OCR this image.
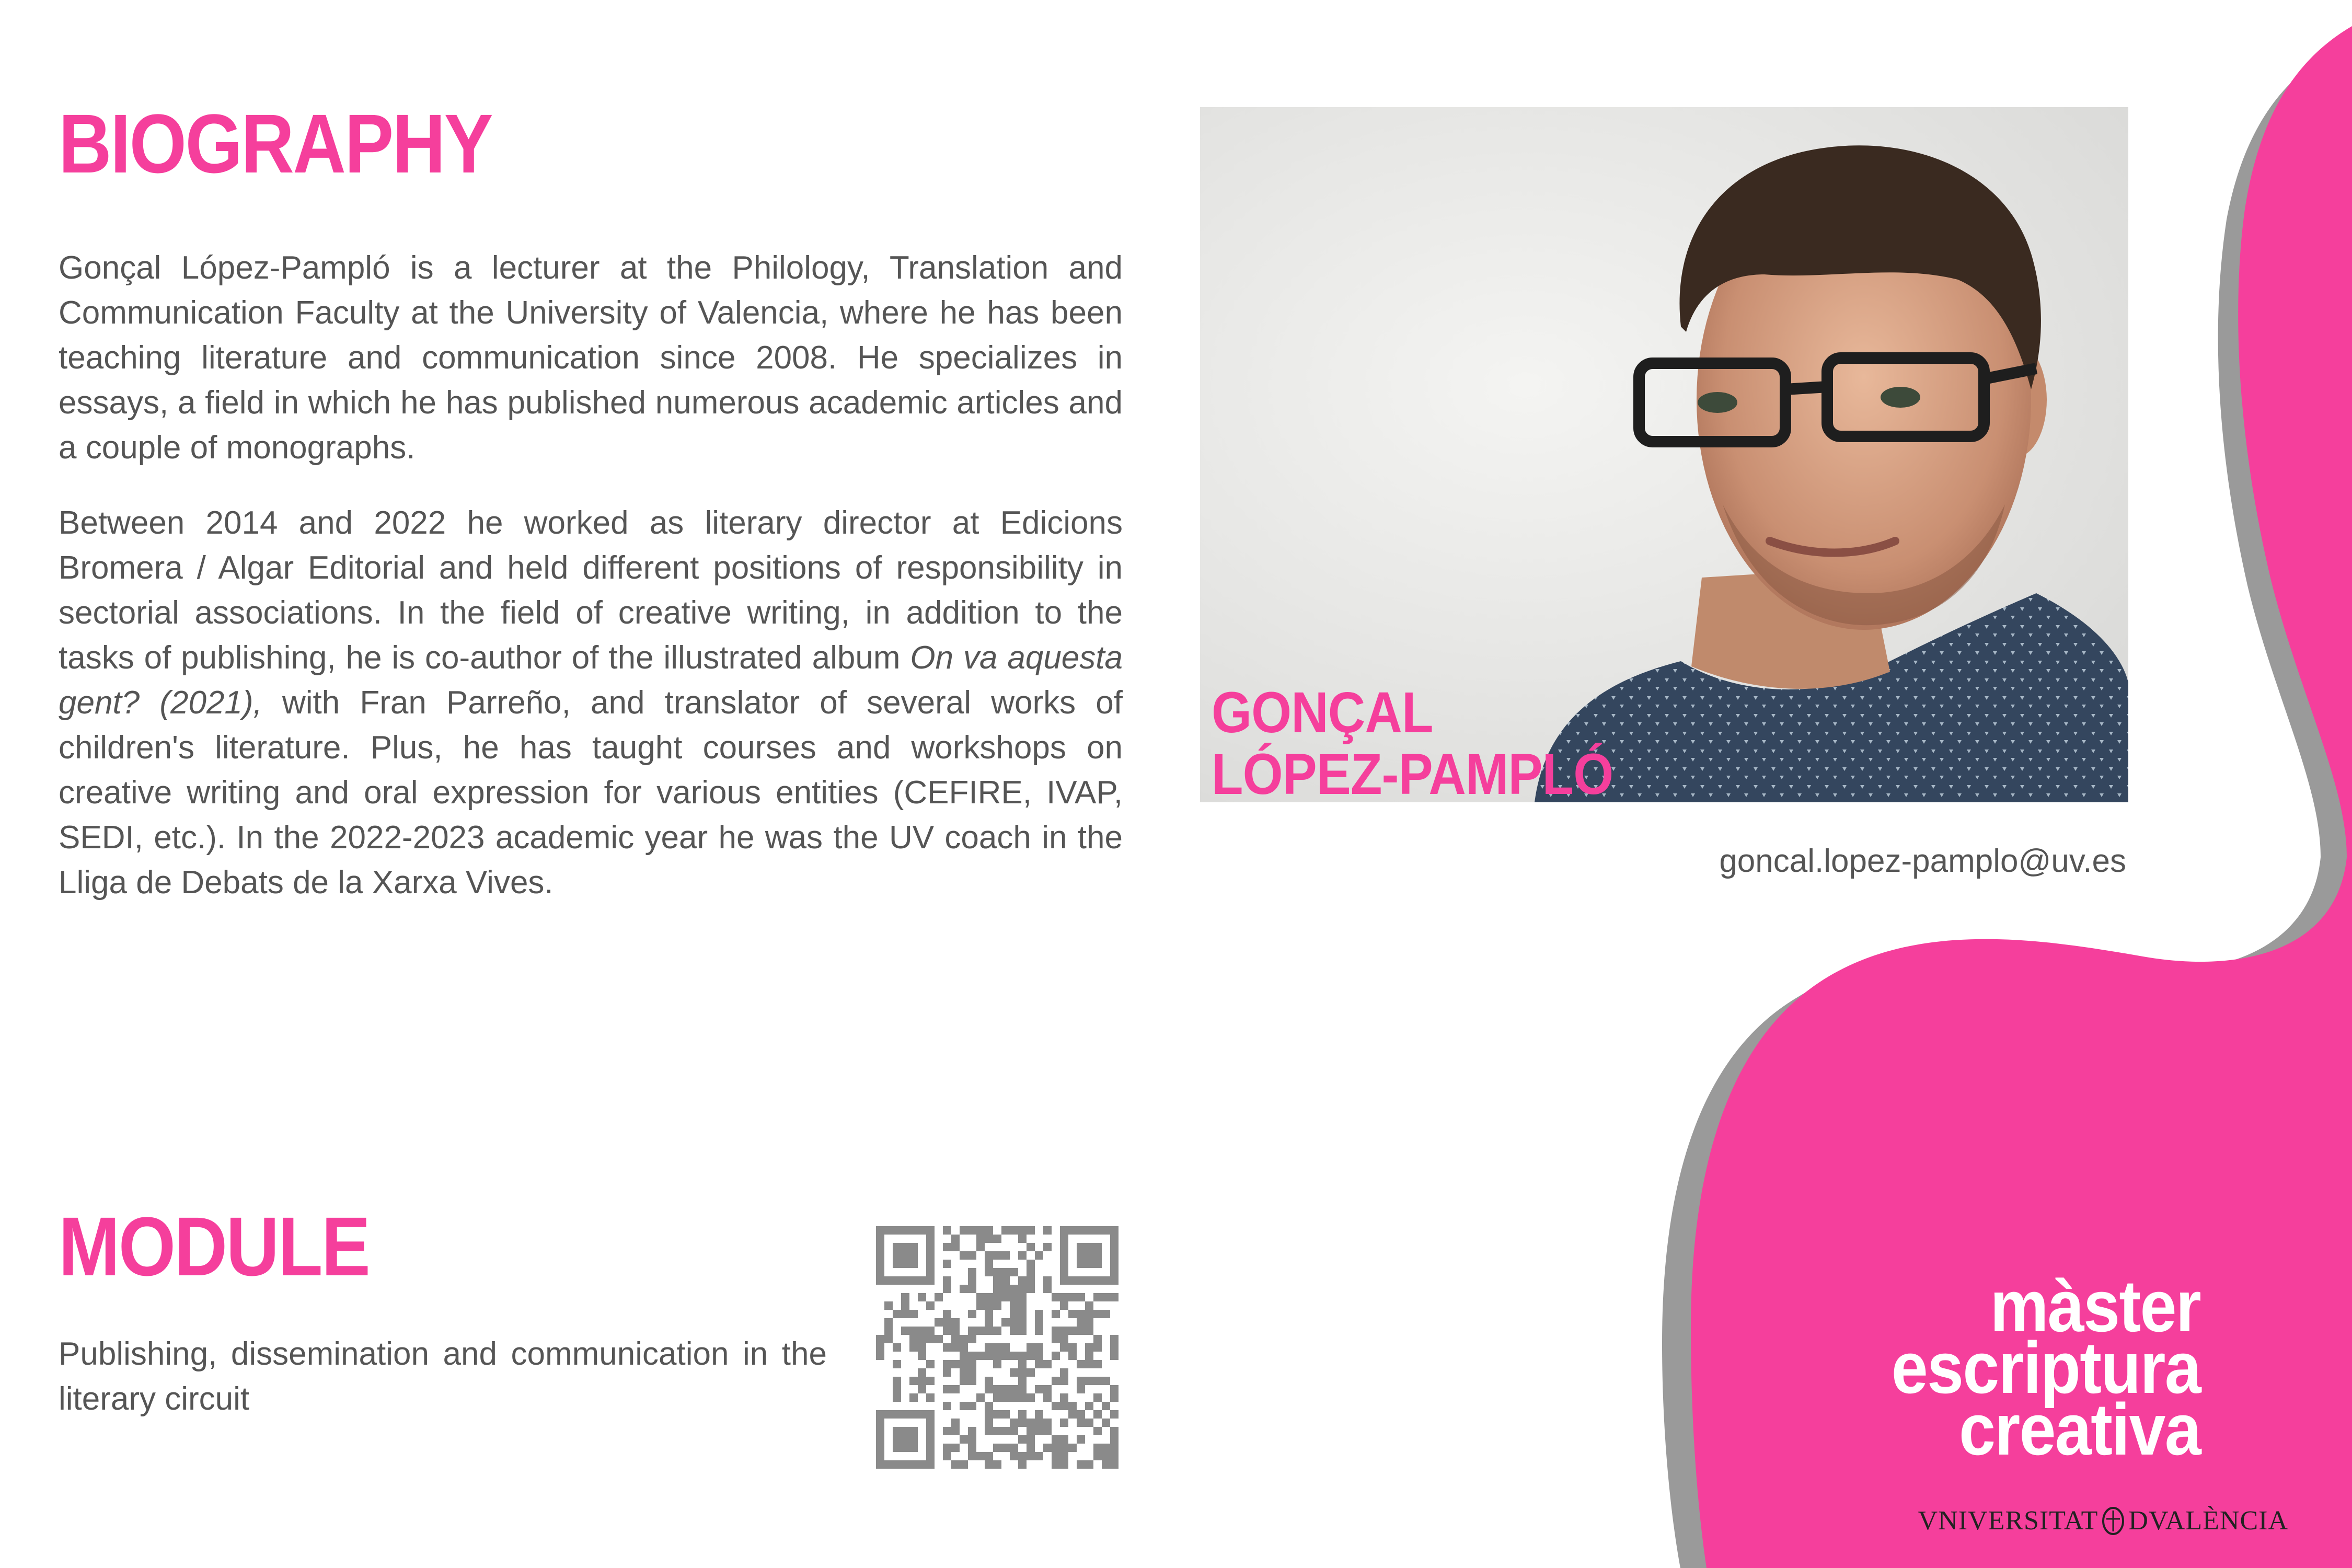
BIOGRAPHY

Gonçal López-Pampló is a lecturer at the Philology, Translation and Communication Faculty at the University of Valencia, where he has been teaching literature and communication since 2008. He specializes in essays, a field in which he has published numerous academic articles and a couple of monographs.

Between 2014 and 2022 he worked as literary director at Edicions Bromera / Algar Editorial and held different positions of responsibility in sectorial associations. In the field of creative writing, in addition to the tasks of publishing, he is co-author of the illustrated album On va aquesta gent? (2021), with Fran Parreño, and translator of several works of children's literature. Plus, he has taught courses and workshops on creative writing and oral expression for various entities (CEFIRE, IVAP, SEDI, etc.). In the 2022-2023 academic year he was the UV coach in the Lliga de Debats de la Xarxa Vives.

GONÇAL
LÓPEZ-PAMPLÓ
goncal.lopez-pamplo@uv.es
MODULE
Publishing, dissemination and communication in the literary circuit
màster
escriptura
creativa
VNIVERSITAT DVALÈNCIA
